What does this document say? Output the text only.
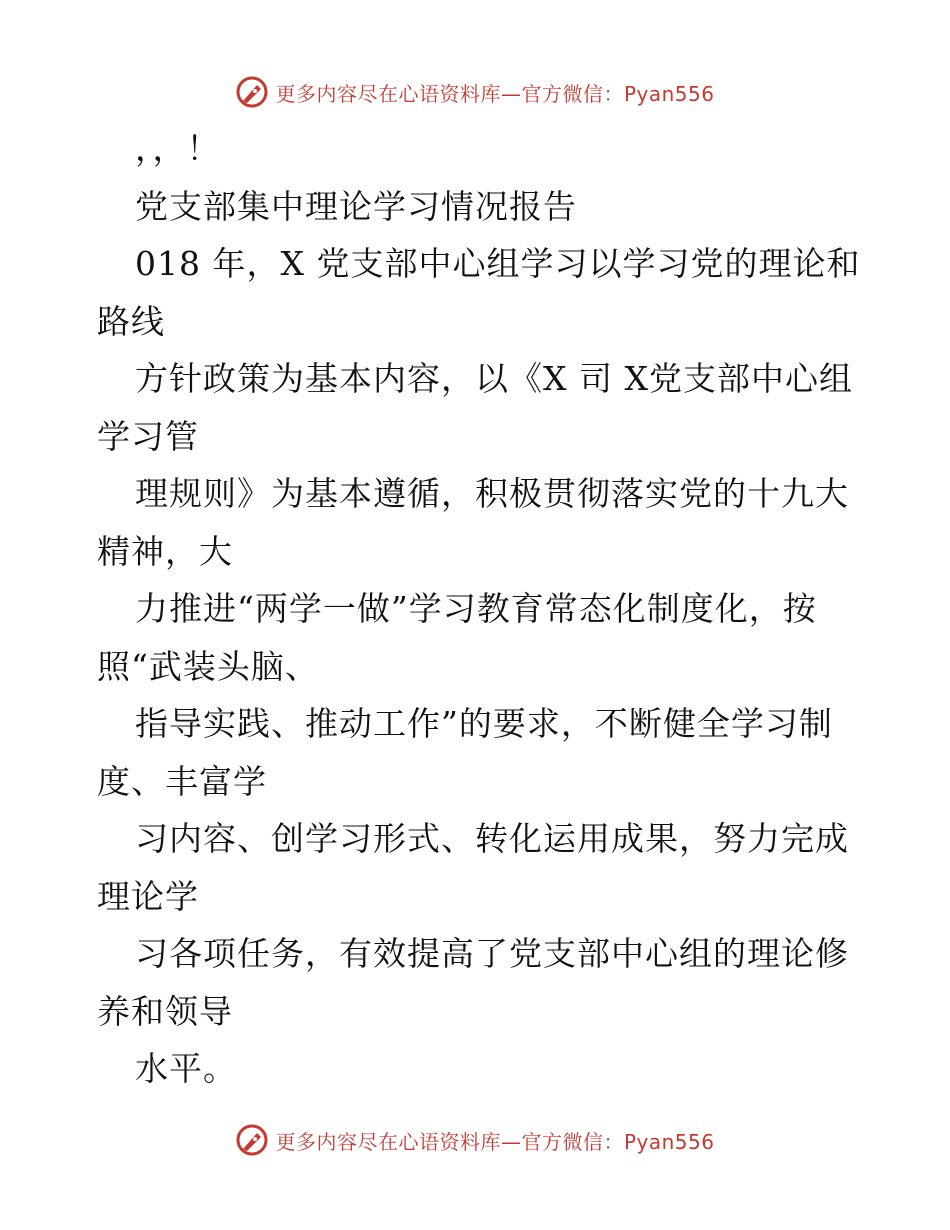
更多内容尽在心语资料库—官方微信：Pyan556
，，！
党支部集中理论学习情况报告
018 年，X 党支部中心组学习以学习党的理论和
路线
方针政策为基本内容，以《X 司 X党支部中心组
学习管
理规则》为基本遵循，积极贯彻落实党的十九大
精神，大
力推进“两学一做”学习教育常态化制度化，按
照“武装头脑、
指导实践、推动工作”的要求，不断健全学习制
度、丰富学
习内容、创学习形式、转化运用成果，努力完成
理论学
习各项任务，有效提高了党支部中心组的理论修
养和领导
水平。
更多内容尽在心语资料库—官方微信：Pyan556
